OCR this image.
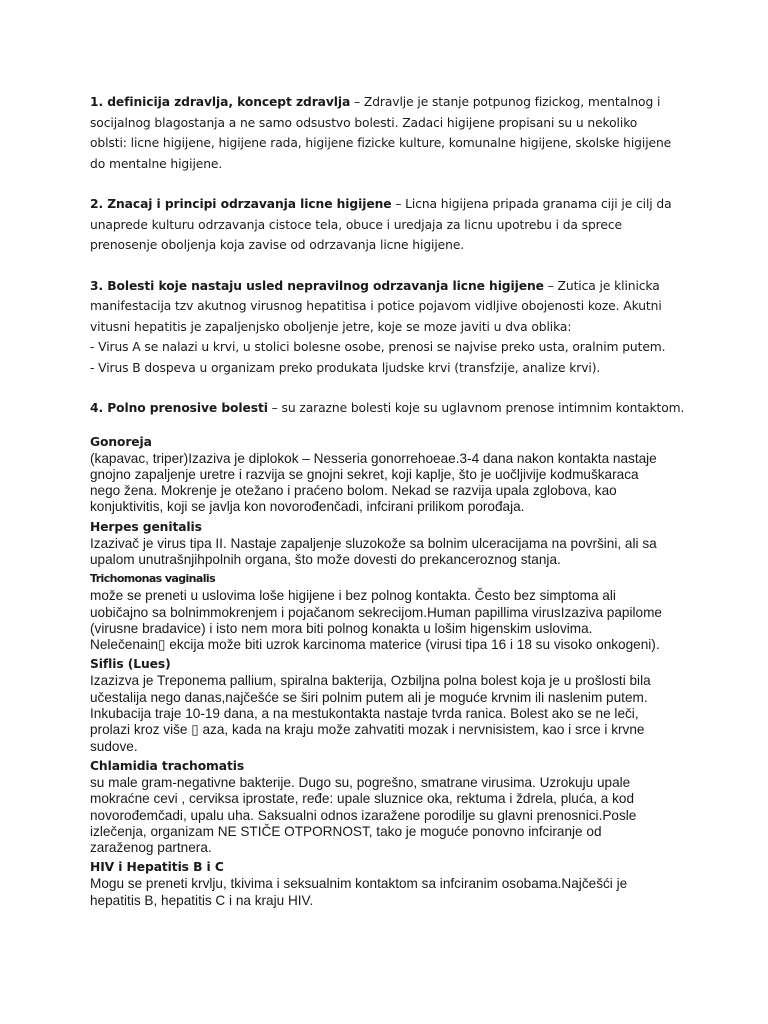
1. definicija zdravlja, koncept zdravlja – Zdravlje je stanje potpunog fizickog, mentalnog i
socijalnog blagostanja a ne samo odsustvo bolesti. Zadaci higijene propisani su u nekoliko
oblsti: licne higijene, higijene rada, higijene fizicke kulture, komunalne higijene, skolske higijene
do mentalne higijene.

2. Znacaj i principi odrzavanja licne higijene – Licna higijena pripada granama ciji je cilj da
unaprede kulturu odrzavanja cistoce tela, obuce i uredjaja za licnu upotrebu i da sprece
prenosenje oboljenja koja zavise od odrzavanja licne higijene.

3. Bolesti koje nastaju usled nepravilnog odrzavanja licne higijene – Zutica je klinicka
manifestacija tzv akutnog virusnog hepatitisa i potice pojavom vidljive obojenosti koze. Akutni
vitusni hepatitis je zapaljenjsko oboljenje jetre, koje se moze javiti u dva oblika:
- Virus A se nalazi u krvi, u stolici bolesne osobe, prenosi se najvise preko usta, oralnim putem.
- Virus B dospeva u organizam preko produkata ljudske krvi (transfzije, analize krvi).

4. Polno prenosive bolesti – su zarazne bolesti koje su uglavnom prenose intimnim kontaktom.

Gonoreja
(kapavac, triper)Izaziva je diplokok – Nesseria gonorrehoeae.3-4 dana nakon kontakta nastaje
gnojno zapaljenje uretre i razvija se gnojni sekret, koji kaplje, što je uočljivije kodmuškaraca
nego žena. Mokrenje je otežano i praćeno bolom. Nekad se razvija upala zglobova, kao
konjuktivitis, koji se javlja kon novorođenčadi, infcirani prilikom porođaja.
Herpes genitalis
Izazivač je virus tipa II. Nastaje zapaljenje sluzokože sa bolnim ulceracijama na površini, ali sa
upalom unutrašnjihpolnih organa, što može dovesti do prekanceroznog stanja.
Trichomonas vaginalis
može se preneti u uslovima loše higijene i bez polnog kontakta. Često bez simptoma ali
uobičajno sa bolnimmokrenjem i pojačanom sekrecijom.Human papillima virusIzaziva papilome
(virusne bradavice) i isto nem mora biti polnog konakta u lošim higenskim uslovima.
Nelečenain▯ ekcija može biti uzrok karcinoma materice (virusi tipa 16 i 18 su visoko onkogeni).
Siflis (Lues)
Izazizva je Treponema pallium, spiralna bakterija, Ozbiljna polna bolest koja je u prošlosti bila
učestalija nego danas,najčešće se širi polnim putem ali je moguće krvnim ili naslenim putem.
Inkubacija traje 10-19 dana, a na mestukontakta nastaje tvrda ranica. Bolest ako se ne leči,
prolazi kroz više ▯ aza, kada na kraju može zahvatiti mozak i nervnisistem, kao i srce i krvne
sudove.
Chlamidia trachomatis
su male gram-negativne bakterije. Dugo su, pogrešno, smatrane virusima. Uzrokuju upale
mokraćne cevi , cerviksa iprostate, ređe: upale sluznice oka, rektuma i ždrela, pluća, a kod
novorođemčadi, upalu uha. Saksualni odnos izaražene porodilje su glavni prenosnici.Posle
izlečenja, organizam NE STIČE OTPORNOST, tako je moguće ponovno infciranje od
zaraženog partnera.
HIV i Hepatitis B i C
Mogu se preneti krvlju, tkivima i seksualnim kontaktom sa infciranim osobama.Najčešći je
hepatitis B, hepatitis C i na kraju HIV.
